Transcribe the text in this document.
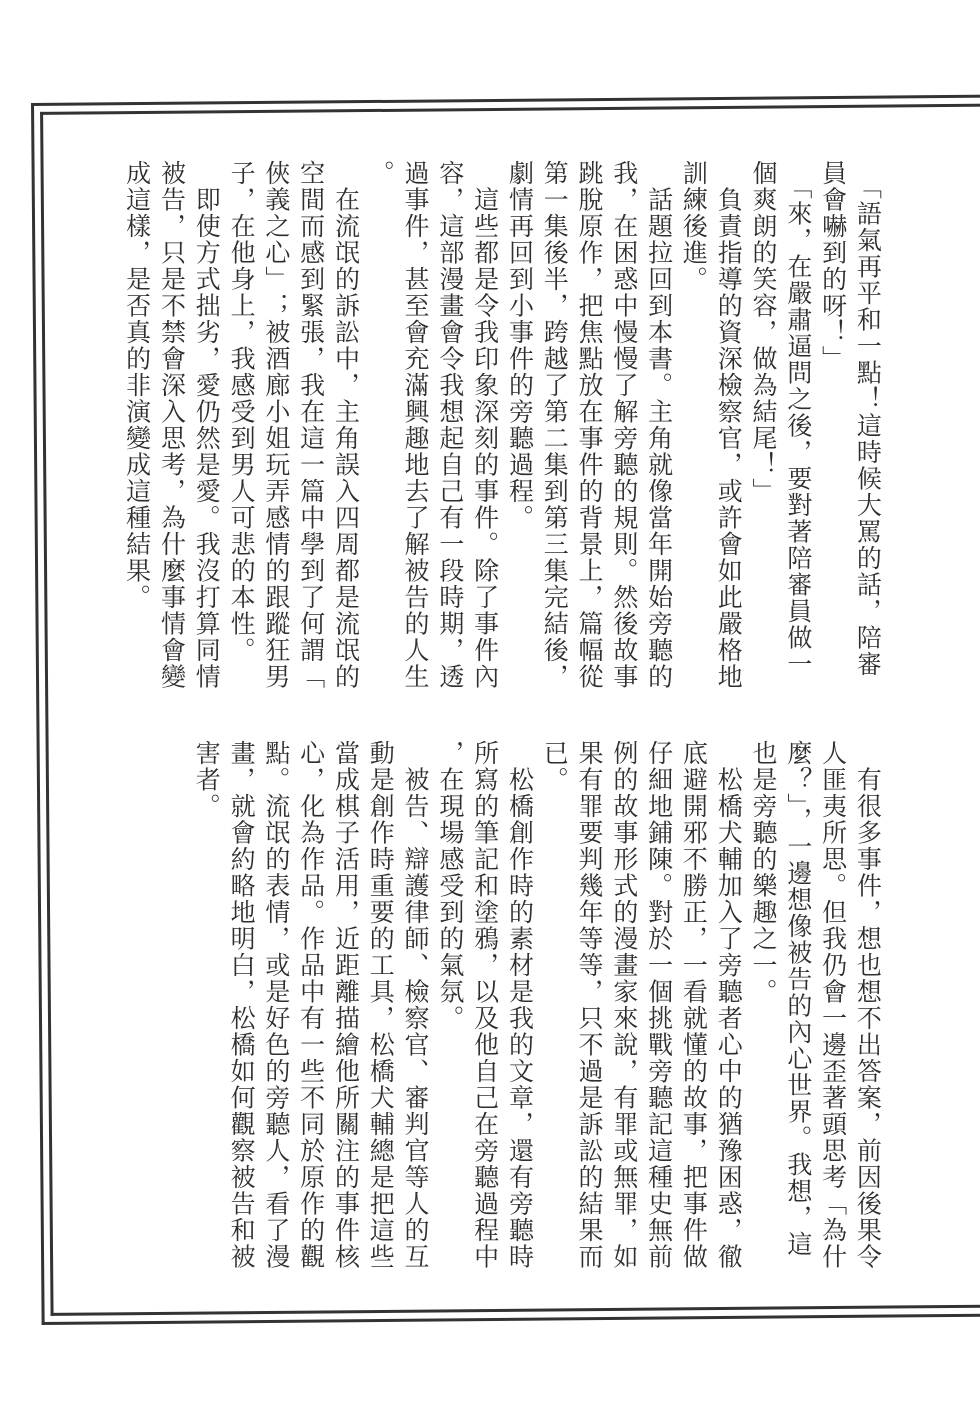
　「語氣再平和一點！這時候大罵的話，陪審
員會嚇到的呀！」
　「來，在嚴肅逼問之後，要對著陪審員做一
個爽朗的笑容，做為結尾！」
　負責指導的資深檢察官，或許會如此嚴格地
訓練後進。
　話題拉回到本書。主角就像當年開始旁聽的
我，在困惑中慢慢了解旁聽的規則。然後故事
跳脫原作，把焦點放在事件的背景上，篇幅從
第一集後半，跨越了第二集到第三集完結後，
劇情再回到小事件的旁聽過程。
　這些都是令我印象深刻的事件。除了事件內
容，這部漫畫會令我想起自己有一段時期，透
過事件，甚至會充滿興趣地去了解被告的人生
。
　在流氓的訴訟中，主角誤入四周都是流氓的
空間而感到緊張，我在這一篇中學到了何謂「
俠義之心」；被酒廊小姐玩弄感情的跟蹤狂男
子，在他身上，我感受到男人可悲的本性。
　即使方式拙劣，愛仍然是愛。我沒打算同情
被告，只是不禁會深入思考，為什麼事情會變
成這樣，是否真的非演變成這種結果。
　有很多事件，想也想不出答案，前因後果令
人匪夷所思。但我仍會一邊歪著頭思考「為什
麼？」，一邊想像被告的內心世界。我想，這
也是旁聽的樂趣之一。
　松橋犬輔加入了旁聽者心中的猶豫困惑，徹
底避開邪不勝正，一看就懂的故事，把事件做
仔細地鋪陳。對於一個挑戰旁聽記這種史無前
例的故事形式的漫畫家來說，有罪或無罪，如
果有罪要判幾年等等，只不過是訴訟的結果而
已。
　松橋創作時的素材是我的文章，還有旁聽時
所寫的筆記和塗鴉，以及他自己在旁聽過程中
，在現場感受到的氣氛。
　被告、辯護律師、檢察官、審判官等人的互
動是創作時重要的工具，松橋犬輔總是把這些
當成棋子活用，近距離描繪他所關注的事件核
心，化為作品。作品中有一些不同於原作的觀
點。流氓的表情，或是好色的旁聽人，看了漫
畫，就會約略地明白，松橋如何觀察被告和被
害者。
